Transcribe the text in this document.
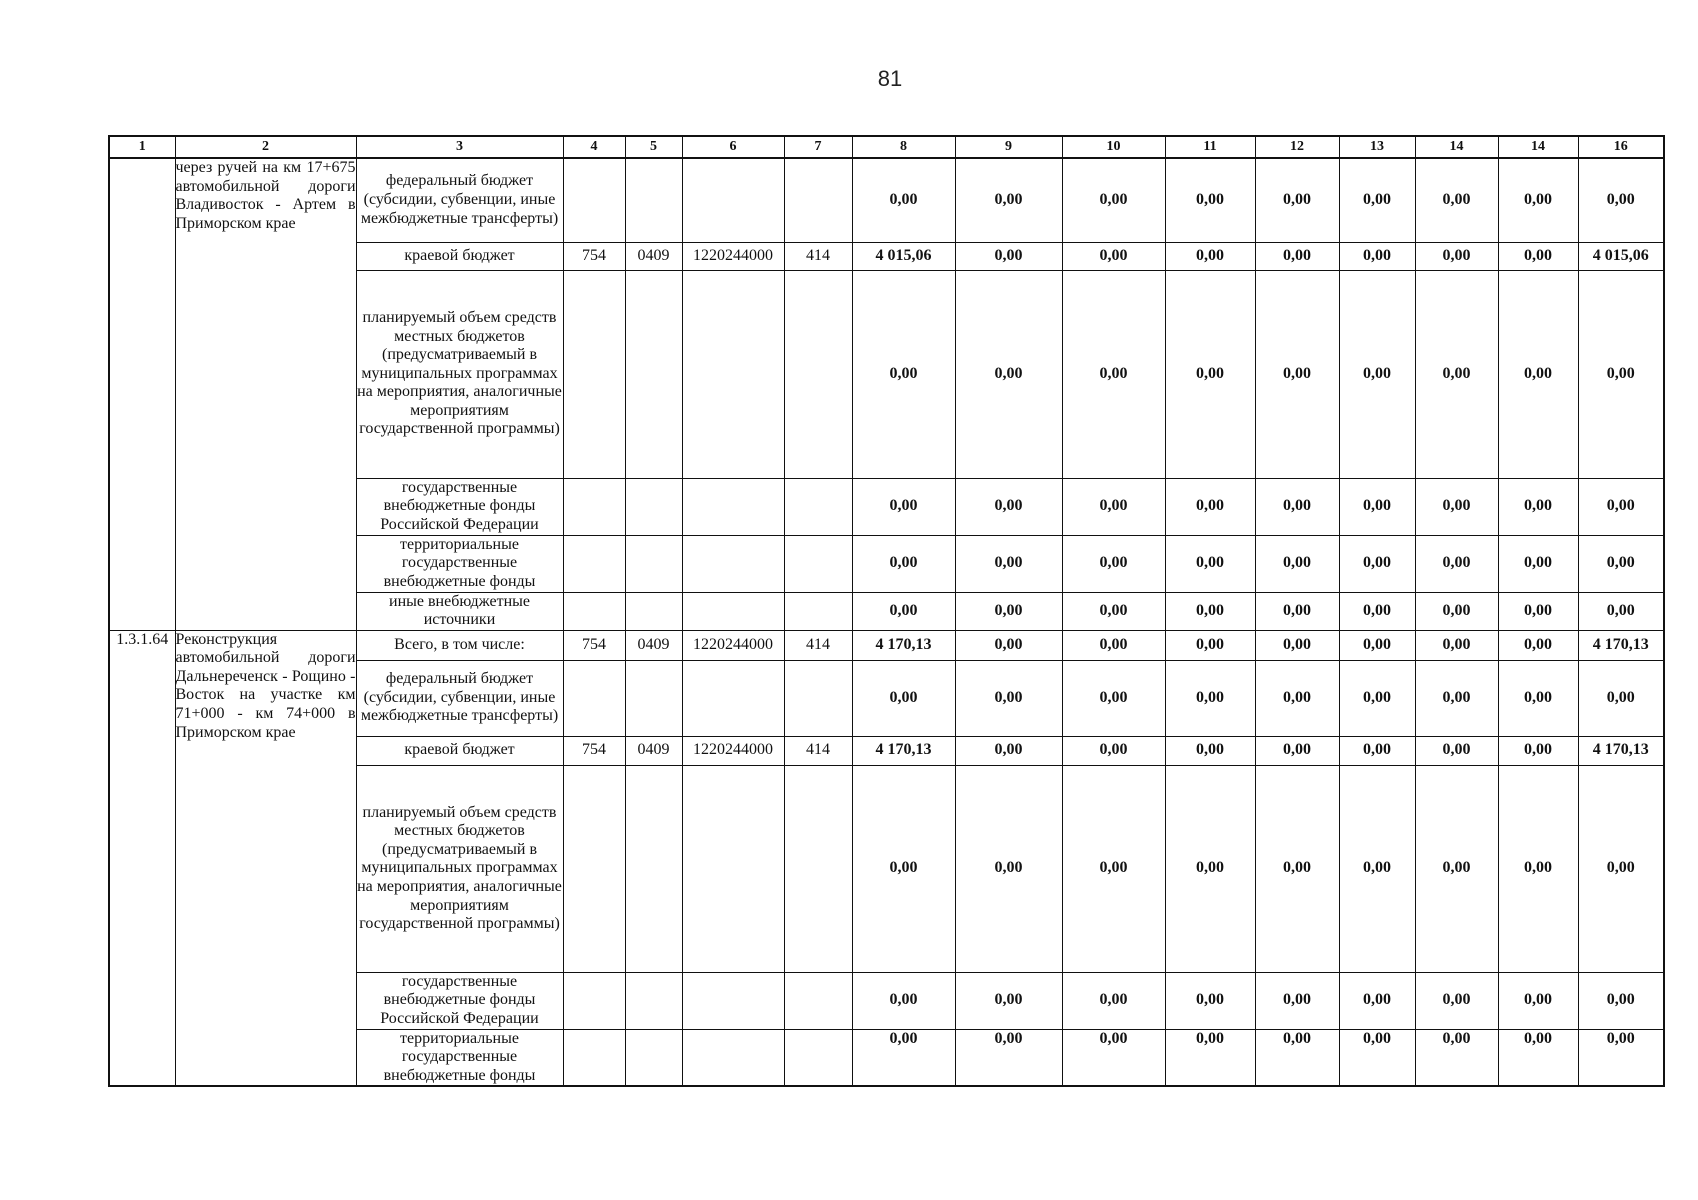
81
1	2	3	4	5	6	7	8	9	10	11	12	13	14	14	16
	через ручей на км 17+675 автомобильной дороги Владивосток - Артем в Приморском крае	федеральный бюджет (субсидии, субвенции, иные межбюджетные трансферты)					0,00	0,00	0,00	0,00	0,00	0,00	0,00	0,00	0,00
		краевой бюджет	754	0409	1220244000	414	4 015,06	0,00	0,00	0,00	0,00	0,00	0,00	0,00	4 015,06
		планируемый объем средств местных бюджетов (предусматриваемый в муниципальных программах на мероприятия, аналогичные мероприятиям государственной программы)					0,00	0,00	0,00	0,00	0,00	0,00	0,00	0,00	0,00
		государственные внебюджетные фонды Российской Федерации					0,00	0,00	0,00	0,00	0,00	0,00	0,00	0,00	0,00
		территориальные государственные внебюджетные фонды					0,00	0,00	0,00	0,00	0,00	0,00	0,00	0,00	0,00
		иные внебюджетные источники					0,00	0,00	0,00	0,00	0,00	0,00	0,00	0,00	0,00
1.3.1.64	Реконструкция автомобильной дороги Дальнереченск - Рощино - Восток на участке км 71+000 - км 74+000 в Приморском крае	Всего, в том числе:	754	0409	1220244000	414	4 170,13	0,00	0,00	0,00	0,00	0,00	0,00	0,00	4 170,13
		федеральный бюджет (субсидии, субвенции, иные межбюджетные трансферты)					0,00	0,00	0,00	0,00	0,00	0,00	0,00	0,00	0,00
		краевой бюджет	754	0409	1220244000	414	4 170,13	0,00	0,00	0,00	0,00	0,00	0,00	0,00	4 170,13
		планируемый объем средств местных бюджетов (предусматриваемый в муниципальных программах на мероприятия, аналогичные мероприятиям государственной программы)					0,00	0,00	0,00	0,00	0,00	0,00	0,00	0,00	0,00
		государственные внебюджетные фонды Российской Федерации					0,00	0,00	0,00	0,00	0,00	0,00	0,00	0,00	0,00
		территориальные государственные внебюджетные фонды					0,00	0,00	0,00	0,00	0,00	0,00	0,00	0,00	0,00
